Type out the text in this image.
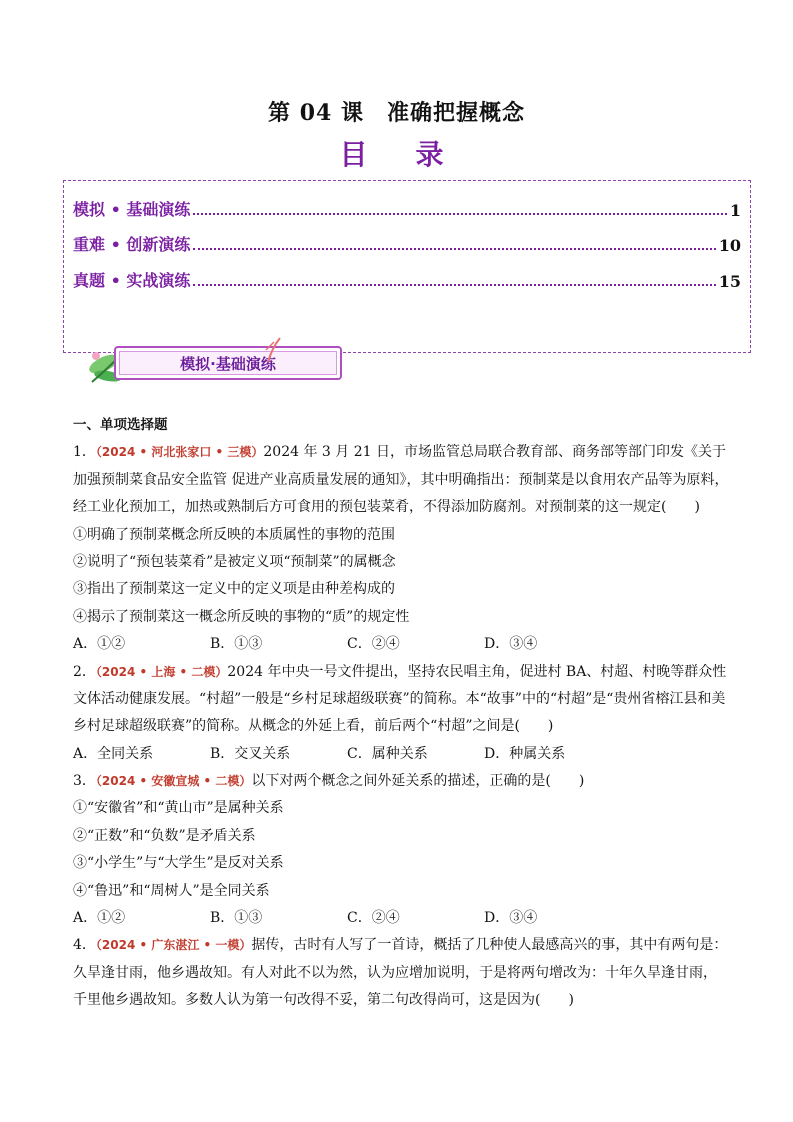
第 04 课　准确把握概念
目　录
模拟 • 基础演练	1
重难 • 创新演练	10
真题 • 实战演练	15
模拟·基础演练
一、单项选择题
1．（2024 • 河北张家口 • 三模）2024 年 3 月 21 日，市场监管总局联合教育部、商务部等部门印发《关于
加强预制菜食品安全监管 促进产业高质量发展的通知》，其中明确指出：预制菜是以食用农产品等为原料，
经工业化预加工，加热或熟制后方可食用的预包装菜肴，不得添加防腐剂。对预制菜的这一规定(　　)
①明确了预制菜概念所反映的本质属性的事物的范围
②说明了“预包装菜肴”是被定义项“预制菜”的属概念
③指出了预制菜这一定义中的定义项是由种差构成的
④揭示了预制菜这一概念所反映的事物的“质”的规定性
A．①②	B．①③	C．②④	D．③④
2．（2024 • 上海 • 二模）2024 年中央一号文件提出，坚持农民唱主角，促进村 BA、村超、村晚等群众性
文体活动健康发展。“村超”一般是“乡村足球超级联赛”的简称。本“故事”中的“村超”是“贵州省榕江县和美
乡村足球超级联赛”的简称。从概念的外延上看，前后两个“村超”之间是(　　)
A．全同关系	B．交叉关系	C．属种关系	D．种属关系
3．（2024 • 安徽宣城 • 二模）以下对两个概念之间外延关系的描述，正确的是(　　)
①“安徽省”和“黄山市”是属种关系
②“正数”和“负数”是矛盾关系
③“小学生”与“大学生”是反对关系
④“鲁迅”和“周树人”是全同关系
A．①②	B．①③	C．②④	D．③④
4．（2024 • 广东湛江 • 一模）据传，古时有人写了一首诗，概括了几种使人最感高兴的事，其中有两句是：
久旱逢甘雨，他乡遇故知。有人对此不以为然，认为应增加说明，于是将两句增改为：十年久旱逢甘雨，
千里他乡遇故知。多数人认为第一句改得不妥，第二句改得尚可，这是因为(　　)
